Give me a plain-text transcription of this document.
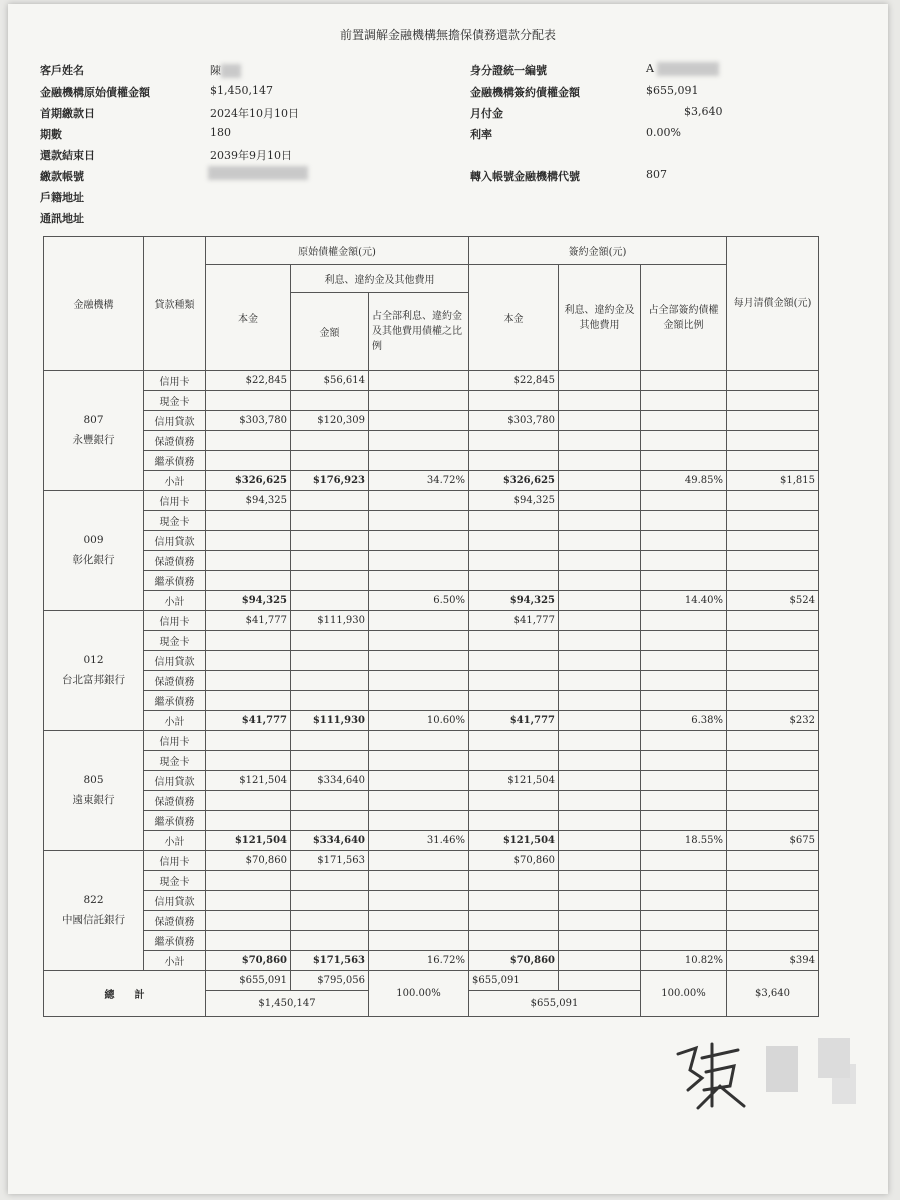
前置調解金融機構無擔保債務還款分配表
客戶姓名	陳
金融機構原始債權金額	$1,450,147
首期繳款日	2024年10月10日
期數	180
還款結束日	2039年9月10日
繳款帳號
戶籍地址
通訊地址
身分證統一編號	A
金融機構簽約債權金額	$655,091
月付金	$3,640
利率	0.00%
轉入帳號金融機構代號	807
金融機構	貸款種類	原始債權金額(元)			簽約金額(元)			每月清償金額(元)
		本金	利息、違約金及其他費用		本金	利息、違約金及其他費用	占全部簽約債權金額比例	
			金額	占全部利息、違約金及其他費用債權之比例				

807
永豐銀行	信用卡	$22,845	$56,614		$22,845			
	現金卡							
	信用貸款	$303,780	$120,309		$303,780			
	保證債務							
	繼承債務							
	小計	$326,625	$176,923	34.72%	$326,625		49.85%	$1,815

009
彰化銀行	信用卡	$94,325			$94,325			
	現金卡							
	信用貸款							
	保證債務							
	繼承債務							
	小計	$94,325		6.50%	$94,325		14.40%	$524

012
台北富邦銀行	信用卡	$41,777	$111,930		$41,777			
	現金卡							
	信用貸款							
	保證債務							
	繼承債務							
	小計	$41,777	$111,930	10.60%	$41,777		6.38%	$232

805
遠東銀行	信用卡							
	現金卡							
	信用貸款	$121,504	$334,640		$121,504			
	保證債務							
	繼承債務							
	小計	$121,504	$334,640	31.46%	$121,504		18.55%	$675

822
中國信託銀行	信用卡	$70,860	$171,563		$70,860			
	現金卡							
	信用貸款							
	保證債務							
	繼承債務							
	小計	$70,860	$171,563	16.72%	$70,860		10.82%	$394
總　　計		$655,091	$795,056	100.00%	$655,091		100.00%	$3,640
		$1,450,147			$655,091			
